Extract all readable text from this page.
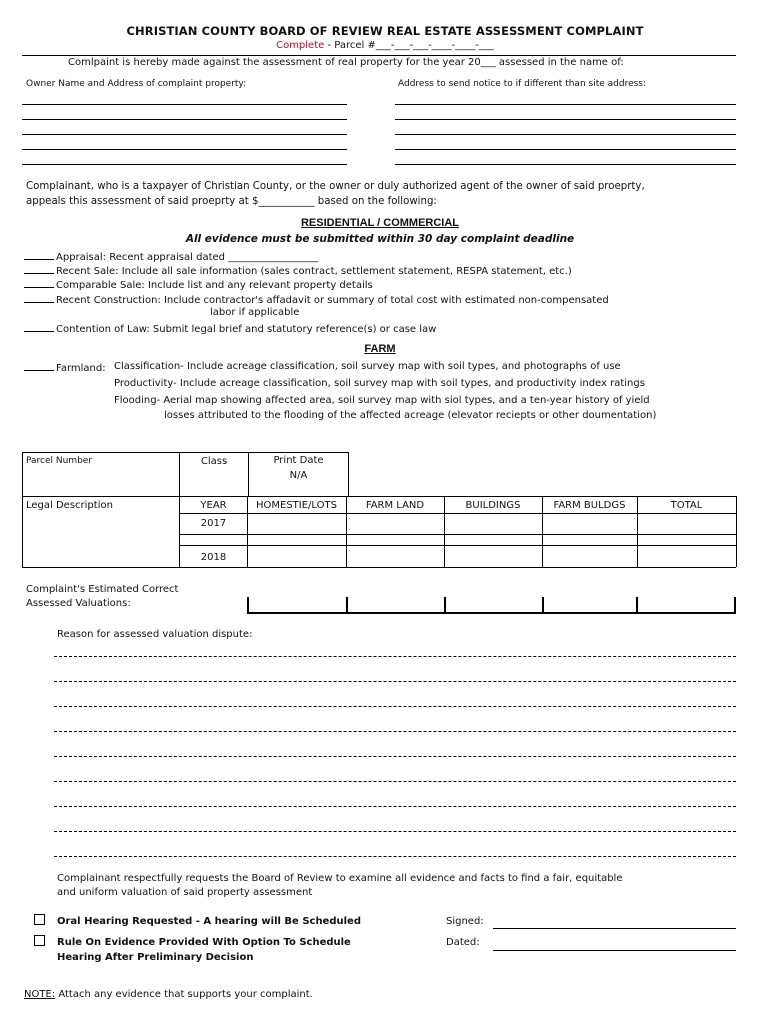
CHRISTIAN COUNTY BOARD OF REVIEW REAL ESTATE ASSESSMENT COMPLAINT
Complete - Parcel #___-___-___-____-____-___
Comlpaint is hereby made against the assessment of real property for the year 20___ assessed in the name of:
Owner Name and Address of complaint property:	Address to send notice to if different than site address:
Complainant, who is a taxpayer of Christian County, or the owner or duly authorized agent of the owner of said proeprty,
appeals this assessment of said proeprty at $___________ based on the following:
RESIDENTIAL / COMMERCIAL
All evidence must be submitted within 30 day complaint deadline
Appraisal: Recent appraisal dated __________________
Recent Sale: Include all sale information (sales contract, settlement statement, RESPA statement, etc.)
Comparable Sale: Include list and any relevant property details
Recent Construction: Include contractor's affadavit or summary of total cost with estimated non-compensated
labor if applicable
Contention of Law: Submit legal brief and statutory reference(s) or case law
FARM
Farmland: Classification- Include acreage classification, soil survey map with soil types, and photographs of use
Productivity- Include acreage classification, soil survey map with soil types, and productivity index ratings
Flooding- Aerial map showing affected area, soil survey map with siol types, and a ten-year history of yield
losses attributed to the flooding of the affected acreage (elevator reciepts or other doumentation)
Parcel Number	Class	Print Date
N/A
Legal Description	YEAR	HOMESTIE/LOTS	FARM LAND	BUILDINGS	FARM BULDGS	TOTAL
2017
2018
Complaint's Estimated Correct
Assessed Valuations:
Reason for assessed valuation dispute:
Complainant respectfully requests the Board of Review to examine all evidence and facts to find a fair, equitable
and uniform valuation of said property assessment
Oral Hearing Requested - A hearing will Be Scheduled
Rule On Evidence Provided With Option To Schedule
Hearing After Preliminary Decision
Signed:
Dated:
NOTE: Attach any evidence that supports your complaint.
